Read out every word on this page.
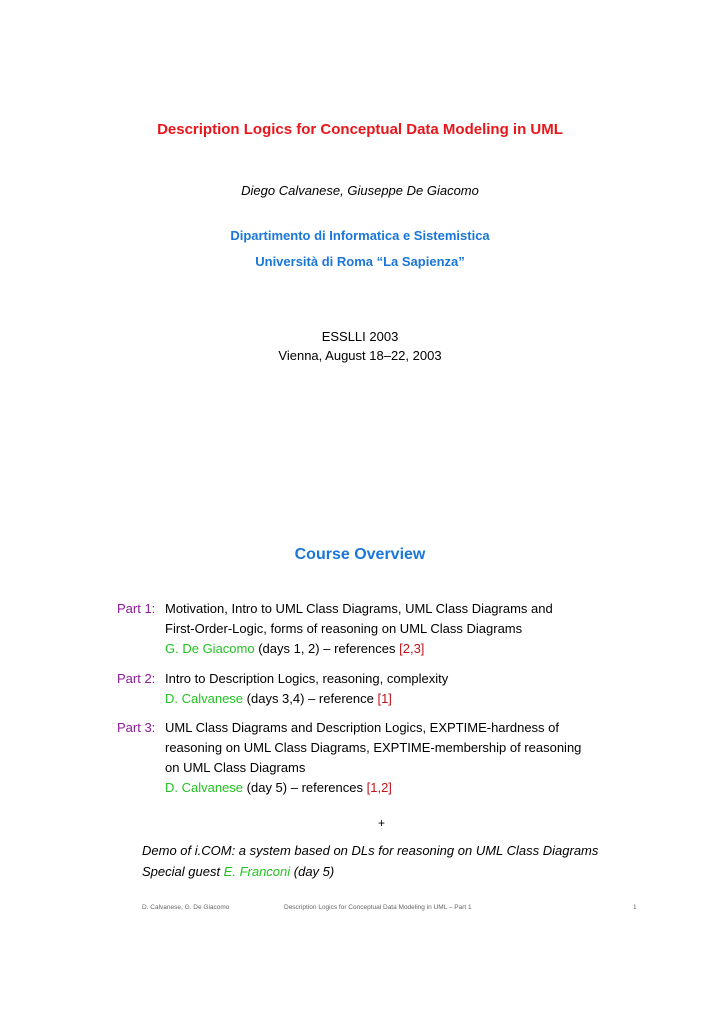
Description Logics for Conceptual Data Modeling in UML
Diego Calvanese, Giuseppe De Giacomo
Dipartimento di Informatica e Sistemistica
Università di Roma “La Sapienza”
ESSLLI 2003
Vienna, August 18–22, 2003
Course Overview
Part 1: Motivation, Intro to UML Class Diagrams, UML Class Diagrams and
First-Order-Logic, forms of reasoning on UML Class Diagrams
G. De Giacomo (days 1, 2) – references [2,3]
Part 2: Intro to Description Logics, reasoning, complexity
D. Calvanese (days 3,4) – reference [1]
Part 3: UML Class Diagrams and Description Logics, EXPTIME-hardness of
reasoning on UML Class Diagrams, EXPTIME-membership of reasoning
on UML Class Diagrams
D. Calvanese (day 5) – references [1,2]
+
Demo of i.COM: a system based on DLs for reasoning on UML Class Diagrams
Special guest E. Franconi (day 5)
D. Calvanese, G. De Giacomo	Description Logics for Conceptual Data Modeling in UML – Part 1	1
